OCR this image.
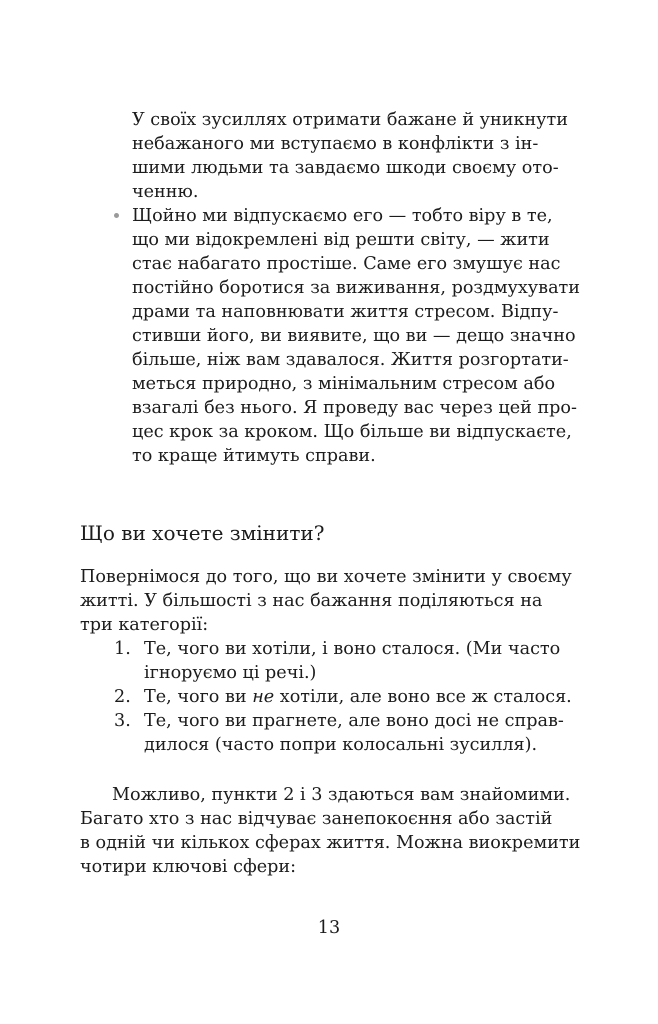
У своїх зусиллях отримати бажане й уникнути
небажаного ми вступаємо в конфлікти з ін-
шими людьми та завдаємо шкоди своєму ото-
ченню.
Щойно ми відпускаємо его — тобто віру в те,
що ми відокремлені від решти світу, — жити
стає набагато простіше. Саме его змушує нас
постійно боротися за виживання, роздмухувати
драми та наповнювати життя стресом. Відпу-
стивши його, ви виявите, що ви — дещо значно
більше, ніж вам здавалося. Життя розгортати-
меться природно, з мінімальним стресом або
взагалі без нього. Я проведу вас через цей про-
цес крок за кроком. Що більше ви відпускаєте,
то краще йтимуть справи.
Що ви хочете змінити?
Повернімося до того, що ви хочете змінити у своєму
житті. У більшості з нас бажання поділяються на
три категорії:
1. Те, чого ви хотіли, і воно сталося. (Ми часто
ігноруємо ці речі.)
2. Те, чого ви не хотіли, але воно все ж сталося.
3. Те, чого ви прагнете, але воно досі не справ-
дилося (часто попри колосальні зусилля).
Можливо, пункти 2 і 3 здаються вам знайомими.
Багато хто з нас відчуває занепокоєння або застій
в одній чи кількох сферах життя. Можна виокремити
чотири ключові сфери:
13
